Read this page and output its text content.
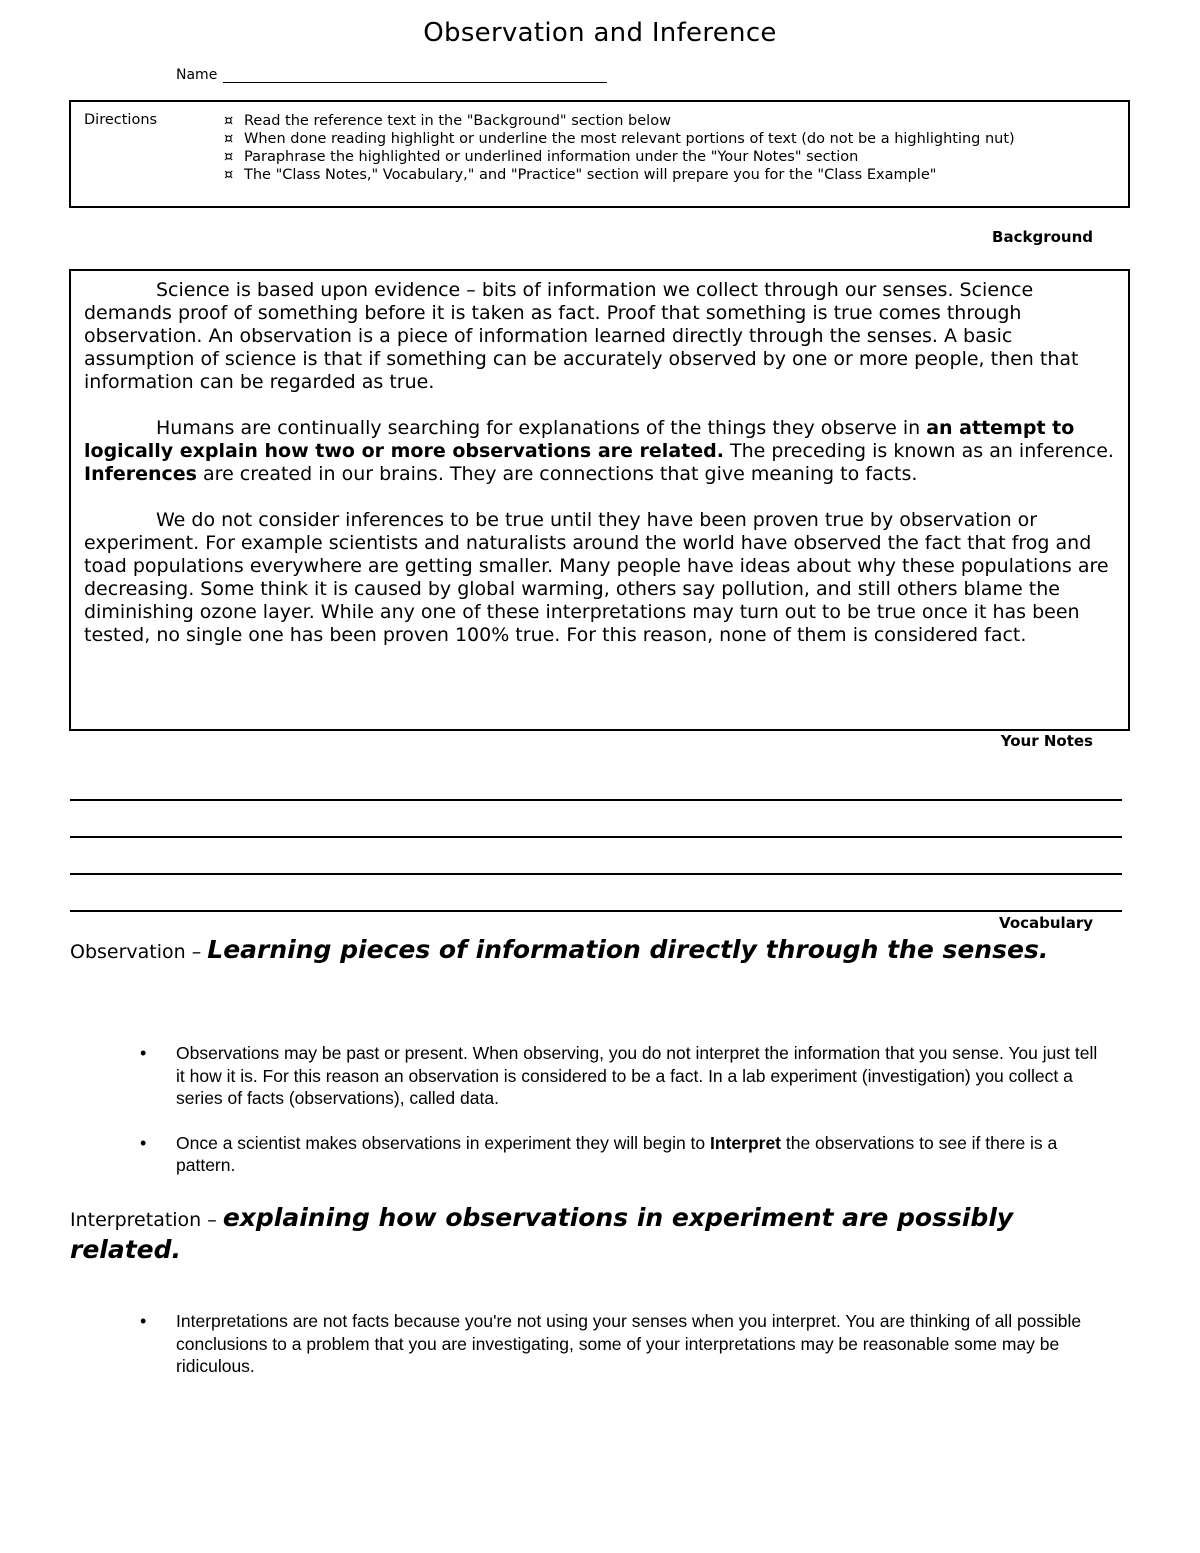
Observation and Inference
Name
Directions	¤ Read the reference text in the "Background" section below
¤ When done reading highlight or underline the most relevant portions of text (do not be a highlighting nut)
¤ Paraphrase the highlighted or underlined information under the "Your Notes" section
¤ The "Class Notes," Vocabulary," and "Practice" section will prepare you for the "Class Example"
Background

Science is based upon evidence – bits of information we collect through our senses. Science demands proof of something before it is taken as fact. Proof that something is true comes through observation. An observation is a piece of information learned directly through the senses. A basic assumption of science is that if something can be accurately observed by one or more people, then that information can be regarded as true.

Humans are continually searching for explanations of the things they observe in an attempt to logically explain how two or more observations are related. The preceding is known as an inference. Inferences are created in our brains. They are connections that give meaning to facts.

We do not consider inferences to be true until they have been proven true by observation or experiment. For example scientists and naturalists around the world have observed the fact that frog and toad populations everywhere are getting smaller. Many people have ideas about why these populations are decreasing. Some think it is caused by global warming, others say pollution, and still others blame the diminishing ozone layer. While any one of these interpretations may turn out to be true once it has been tested, no single one has been proven 100% true. For this reason, none of them is considered fact.

Your Notes
Vocabulary
Observation – Learning pieces of information directly through the senses.
• Observations may be past or present. When observing, you do not interpret the information that you sense. You just tell it how it is. For this reason an observation is considered to be a fact. In a lab experiment (investigation) you collect a series of facts (observations), called data.
• Once a scientist makes observations in experiment they will begin to Interpret the observations to see if there is a pattern.
Interpretation – explaining how observations in experiment are possibly related.
• Interpretations are not facts because you're not using your senses when you interpret. You are thinking of all possible conclusions to a problem that you are investigating, some of your interpretations may be reasonable some may be ridiculous.
